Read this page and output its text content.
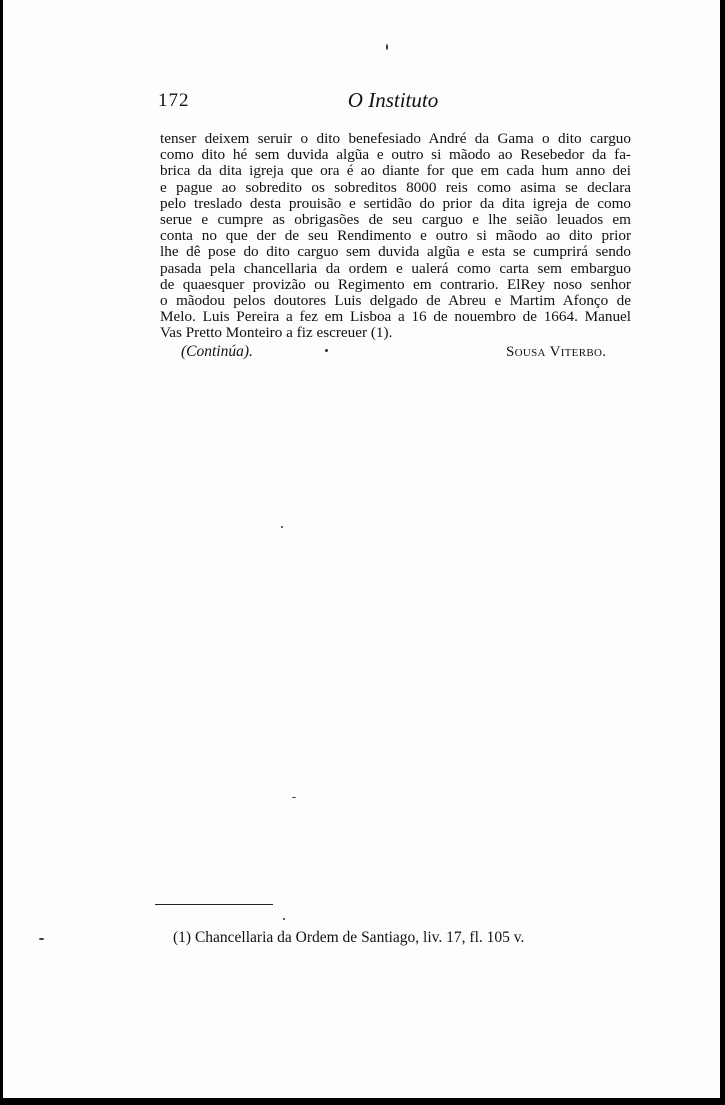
172	O Instituto
tenser deixem seruir o dito benefesiado André da Gama o dito carguo
como dito hé sem duvida algũa e outro si mãodo ao Resebedor da fa-
brica da dita igreja que ora é ao diante for que em cada hum anno dei
e pague ao sobredito os sobreditos 8000 reis como asima se declara
pelo treslado desta prouisão e sertidão do prior da dita igreja de como
serue e cumpre as obrigasões de seu carguo e lhe seião leuados em
conta no que der de seu Rendimento e outro si mãodo ao dito prior
lhe dê pose do dito carguo sem duvida algũa e esta se cumprirá sendo
pasada pela chancellaria da ordem e ualerá como carta sem embarguo
de quaesquer provizão ou Regimento em contrario. ElRey noso senhor
o mãodou pelos doutores Luis delgado de Abreu e Martim Afonço de
Melo. Luis Pereira a fez em Lisboa a 16 de nouembro de 1664. Manuel
Vas Pretto Monteiro a fiz escreuer (1).
(Continúa).	Sousa Viterbo.
(1) Chancellaria da Ordem de Santiago, liv. 17, fl. 105 v.
